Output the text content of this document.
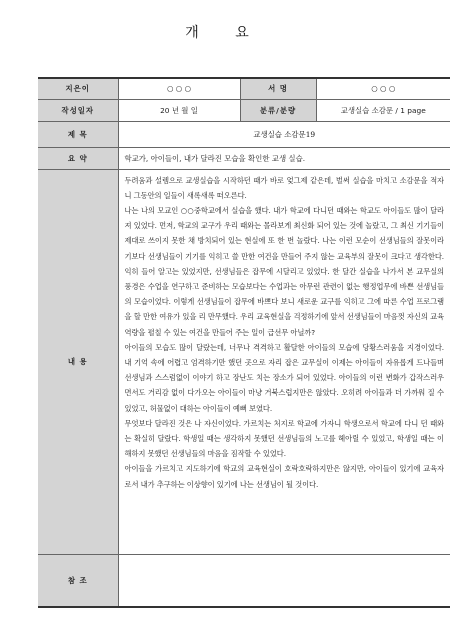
개 요
지은이	○ ○ ○	서 명	○ ○ ○
작성일자	20 년 월 일	분류/분량	교생실습 소감문 / 1 page
제 목	교생실습 소감문19		
요 약	학교가, 아이들이, 내가 달라진 모습을 확인한 교생 실습.		
내 용	두려움과 설렘으로 교생실습을 시작하던 때가 바로 엊그제 같은데, 벌써 실습을 마치고 소감문을 적자니 그동안의 일들이 새록새록 떠오른다.

나는 나의 모교인 ○○중학교에서 실습을 했다. 내가 학교에 다니던 때와는 학교도 아이들도 많이 달라져 있었다. 먼저, 학교의 교구가 우리 때와는 몰라보게 최신화 되어 있는 것에 놀랐고, 그 최신 기기들이 제대로 쓰이지 못한 채 방치되어 있는 현실에 또 한 번 놀랐다. 나는 이런 모순이 선생님들의 잘못이라기보다 선생님들이 기기를 익히고 쓸 만한 여건을 만들어 주지 않는 교육부의 잘못이 크다고 생각한다. 익히 들어 알고는 있었지만, 선생님들은 잡무에 시달리고 있었다. 한 달간 실습을 나가서 본 교무실의 풍경은 수업을 연구하고 준비하는 모습보다는 수업과는 아무런 관련이 없는 행정업무에 바쁜 선생님들의 모습이었다. 이렇게 선생님들이 잡무에 바쁘다 보니 새로운 교구를 익히고 그에 따른 수업 프로그램을 할 만한 여유가 있을 리 만무했다. 우리 교육현실을 걱정하기에 앞서 선생님들이 마음껏 자신의 교육역량을 펼칠 수 있는 여건을 만들어 주는 일이 급선무 아닐까?

아이들의 모습도 많이 달랐는데, 너무나 격격하고 활달한 아이들의 모습에 당황스러움을 지경이었다. 내 기억 속에 어렵고 엄격하기만 했던 곳으로 자리 잡은 교무실이 이제는 아이들이 자유롭게 드나들며 선생님과 스스럼없이 이야기 하고 장난도 치는 장소가 되어 있었다. 아이들의 이런 변화가 갑작스러우면서도 거리감 없이 다가오는 아이들이 마냥 거북스럽지만은 않았다. 오히려 아이들과 더 가까워 질 수 있었고, 허물없이 대하는 아이들이 예뻐 보였다.

무엇보다 달라진 것은 나 자신이었다. 가르치는 처지로 학교에 가자니 학생으로서 학교에 다니 던 때와는 확실히 달랐다. 학생일 때는 생각하지 못했던 선생님들의 노고를 헤아릴 수 있었고, 학생일 때는 이해하지 못했던 선생님들의 마음을 짐작할 수 있었다.

아이들을 가르치고 지도하기에 학교의 교육현실이 호락호락하지만은 않지만, 아이들이 있기에 교육자로서 내가 추구하는 이상향이 있기에 나는 선생님이 될 것이다.		

참 조			
